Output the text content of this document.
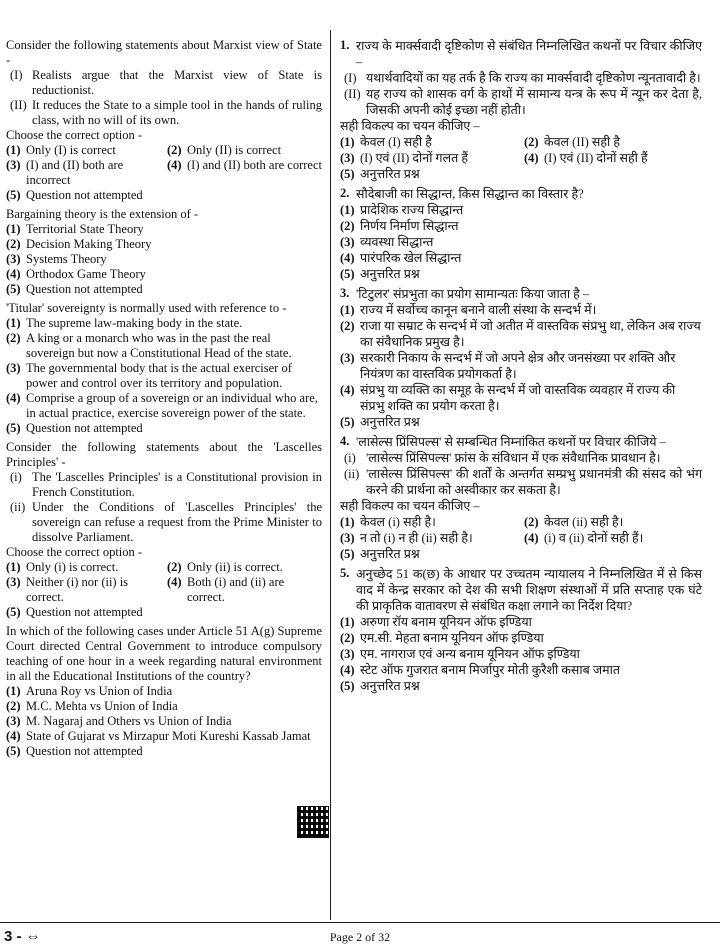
Consider the following statements about Marxist view of State -
(I) Realists argue that the Marxist view of State is reductionist.
(II) It reduces the State to a simple tool in the hands of ruling class, with no will of its own.
Choose the correct option -
(1) Only (I) is correct	(2) Only (II) is correct
(3) (I) and (II) both are incorrect
(4) (I) and (II) both are correct
(5) Question not attempted
Bargaining theory is the extension of -
(1) Territorial State Theory
(2) Decision Making Theory
(3) Systems Theory
(4) Orthodox Game Theory
(5) Question not attempted
'Titular' sovereignty is normally used with reference to -
(1) The supreme law-making body in the state.
(2) A king or a monarch who was in the past the real sovereign but now a Constitutional Head of the state.
(3) The governmental body that is the actual exerciser of power and control over its territory and population.
(4) Comprise a group of a sovereign or an individual who are, in actual practice, exercise sovereign power of the state.
(5) Question not attempted
Consider the following statements about the 'Lascelles Principles' -
(i) The 'Lascelles Principles' is a Constitutional provision in French Constitution.
(ii) Under the Conditions of 'Lascelles Principles' the sovereign can refuse a request from the Prime Minister to dissolve Parliament.
Choose the correct option -
(1) Only (i) is correct.	(2) Only (ii) is correct.
(3) Neither (i) nor (ii) is correct.
(4) Both (i) and (ii) are correct.
(5) Question not attempted
In which of the following cases under Article 51 A(g) Supreme Court directed Central Government to introduce compulsory teaching of one hour in a week regarding natural environment in all the Educational Institutions of the country?
(1) Aruna Roy vs Union of India
(2) M.C. Mehta vs Union of India
(3) M. Nagaraj and Others vs Union of India
(4) State of Gujarat vs Mirzapur Moti Kureshi Kassab Jamat
(5) Question not attempted
1. राज्य के मार्क्सवादी दृष्टिकोण से संबंधित निम्नलिखित कथनों पर विचार कीजिए –
(I) यथार्थवादियों का यह तर्क है कि राज्य का मार्क्सवादी दृष्टिकोण न्यूनतावादी है।
(II) यह राज्य को शासक वर्ग के हाथों में सामान्य यन्त्र के रूप में न्यून कर देता है, जिसकी अपनी कोई इच्छा नहीं होती।
सही विकल्प का चयन कीजिए –
(1) केवल (I) सही है	(2) केवल (II) सही है
(3) (I) एवं (II) दोनों गलत हैं	(4) (I) एवं (II) दोनों सही हैं
(5) अनुत्तरित प्रश्न
2. सौदेबाजी का सिद्धान्त, किस सिद्धान्त का विस्तार है?
(1) प्रादेशिक राज्य सिद्धान्त
(2) निर्णय निर्माण सिद्धान्त
(3) व्यवस्था सिद्धान्त
(4) पारंपरिक खेल सिद्धान्त
(5) अनुत्तरित प्रश्न
3. 'टिटुलर' संप्रभुता का प्रयोग सामान्यतः किया जाता है –
(1) राज्य में सर्वोच्च कानून बनाने वाली संस्था के सन्दर्भ में।
(2) राजा या सम्राट के सन्दर्भ में जो अतीत में वास्तविक संप्रभु था, लेकिन अब राज्य का संवैधानिक प्रमुख है।
(3) सरकारी निकाय के सन्दर्भ में जो अपने क्षेत्र और जनसंख्या पर शक्ति और नियंत्रण का वास्तविक प्रयोगकर्ता है।
(4) संप्रभु या व्यक्ति का समूह के सन्दर्भ में जो वास्तविक व्यवहार में राज्य की संप्रभु शक्ति का प्रयोग करता है।
(5) अनुत्तरित प्रश्न
4. 'लासेल्स प्रिंसिपल्स' से सम्बन्धित निम्नांकित कथनों पर विचार कीजिये –
(i) 'लासेल्स प्रिंसिपल्स' फ्रांस के संविधान में एक संवैधानिक प्रावधान है।
(ii) 'लासेल्स प्रिंसिपल्स' की शर्तों के अन्तर्गत सम्प्रभु प्रधानमंत्री की संसद को भंग करने की प्रार्थना को अस्वीकार कर सकता है।
सही विकल्प का चयन कीजिए –
(1) केवल (i) सही है।	(2) केवल (ii) सही है।
(3) न तो (i) न ही (ii) सही है।	(4) (i) व (ii) दोनों सही हैं।
(5) अनुत्तरित प्रश्न
5. अनुच्छेद 51 क(छ) के आधार पर उच्चतम न्यायालय ने निम्नलिखित में से किस वाद में केन्द्र सरकार को देश की सभी शिक्षण संस्थाओं में प्रति सप्ताह एक घंटे की प्राकृतिक वातावरण से संबंधित कक्षा लगाने का निर्देश दिया?
(1) अरुणा रॉय बनाम यूनियन ऑफ इण्डिया
(2) एम.सी. मेहता बनाम यूनियन ऑफ इण्डिया
(3) एम. नागराज एवं अन्य बनाम यूनियन ऑफ इण्डिया
(4) स्टेट ऑफ गुजरात बनाम मिर्जापुर मोती कुरैशी कसाब जमात
(5) अनुत्तरित प्रश्न
3 - ⇔	Page 2 of 32
